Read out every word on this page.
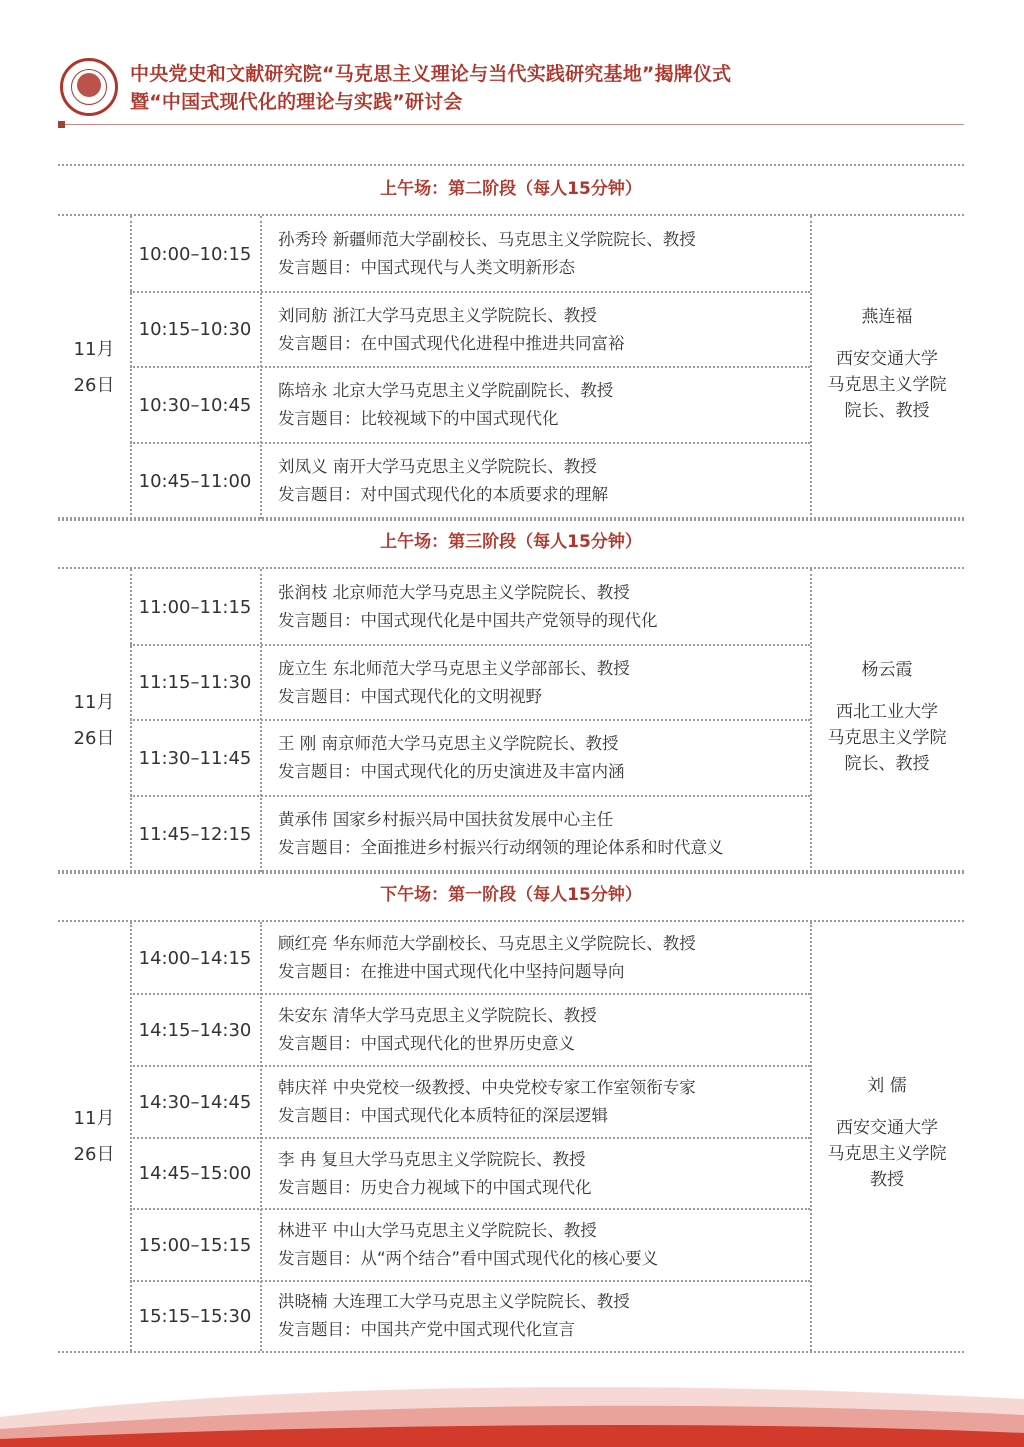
中央党史和文献研究院“马克思主义理论与当代实践研究基地”揭牌仪式
暨“中国式现代化的理论与实践”研讨会
上午场：第二阶段（每人15分钟）
11月
26日
10:00–10:15
孙秀玲 新疆师范大学副校长、马克思主义学院院长、教授
发言题目：中国式现代与人类文明新形态
10:15–10:30
刘同舫 浙江大学马克思主义学院院长、教授
发言题目：在中国式现代化进程中推进共同富裕
10:30–10:45
陈培永 北京大学马克思主义学院副院长、教授
发言题目：比较视域下的中国式现代化
10:45–11:00
刘凤义 南开大学马克思主义学院院长、教授
发言题目：对中国式现代化的本质要求的理解
燕连福
西安交通大学
马克思主义学院
院长、教授
上午场：第三阶段（每人15分钟）
11月
26日
11:00–11:15
张润枝 北京师范大学马克思主义学院院长、教授
发言题目：中国式现代化是中国共产党领导的现代化
11:15–11:30
庞立生 东北师范大学马克思主义学部部长、教授
发言题目：中国式现代化的文明视野
11:30–11:45
王 刚 南京师范大学马克思主义学院院长、教授
发言题目：中国式现代化的历史演进及丰富内涵
11:45–12:15
黄承伟 国家乡村振兴局中国扶贫发展中心主任
发言题目：全面推进乡村振兴行动纲领的理论体系和时代意义
杨云霞
西北工业大学
马克思主义学院
院长、教授
下午场：第一阶段（每人15分钟）
11月
26日
14:00–14:15
顾红亮 华东师范大学副校长、马克思主义学院院长、教授
发言题目：在推进中国式现代化中坚持问题导向
14:15–14:30
朱安东 清华大学马克思主义学院院长、教授
发言题目：中国式现代化的世界历史意义
14:30–14:45
韩庆祥 中央党校一级教授、中央党校专家工作室领衔专家
发言题目：中国式现代化本质特征的深层逻辑
14:45–15:00
李 冉 复旦大学马克思主义学院院长、教授
发言题目：历史合力视域下的中国式现代化
15:00–15:15
林进平 中山大学马克思主义学院院长、教授
发言题目：从“两个结合”看中国式现代化的核心要义
15:15–15:30
洪晓楠 大连理工大学马克思主义学院院长、教授
发言题目：中国共产党中国式现代化宣言
刘 儒
西安交通大学
马克思主义学院
教授
